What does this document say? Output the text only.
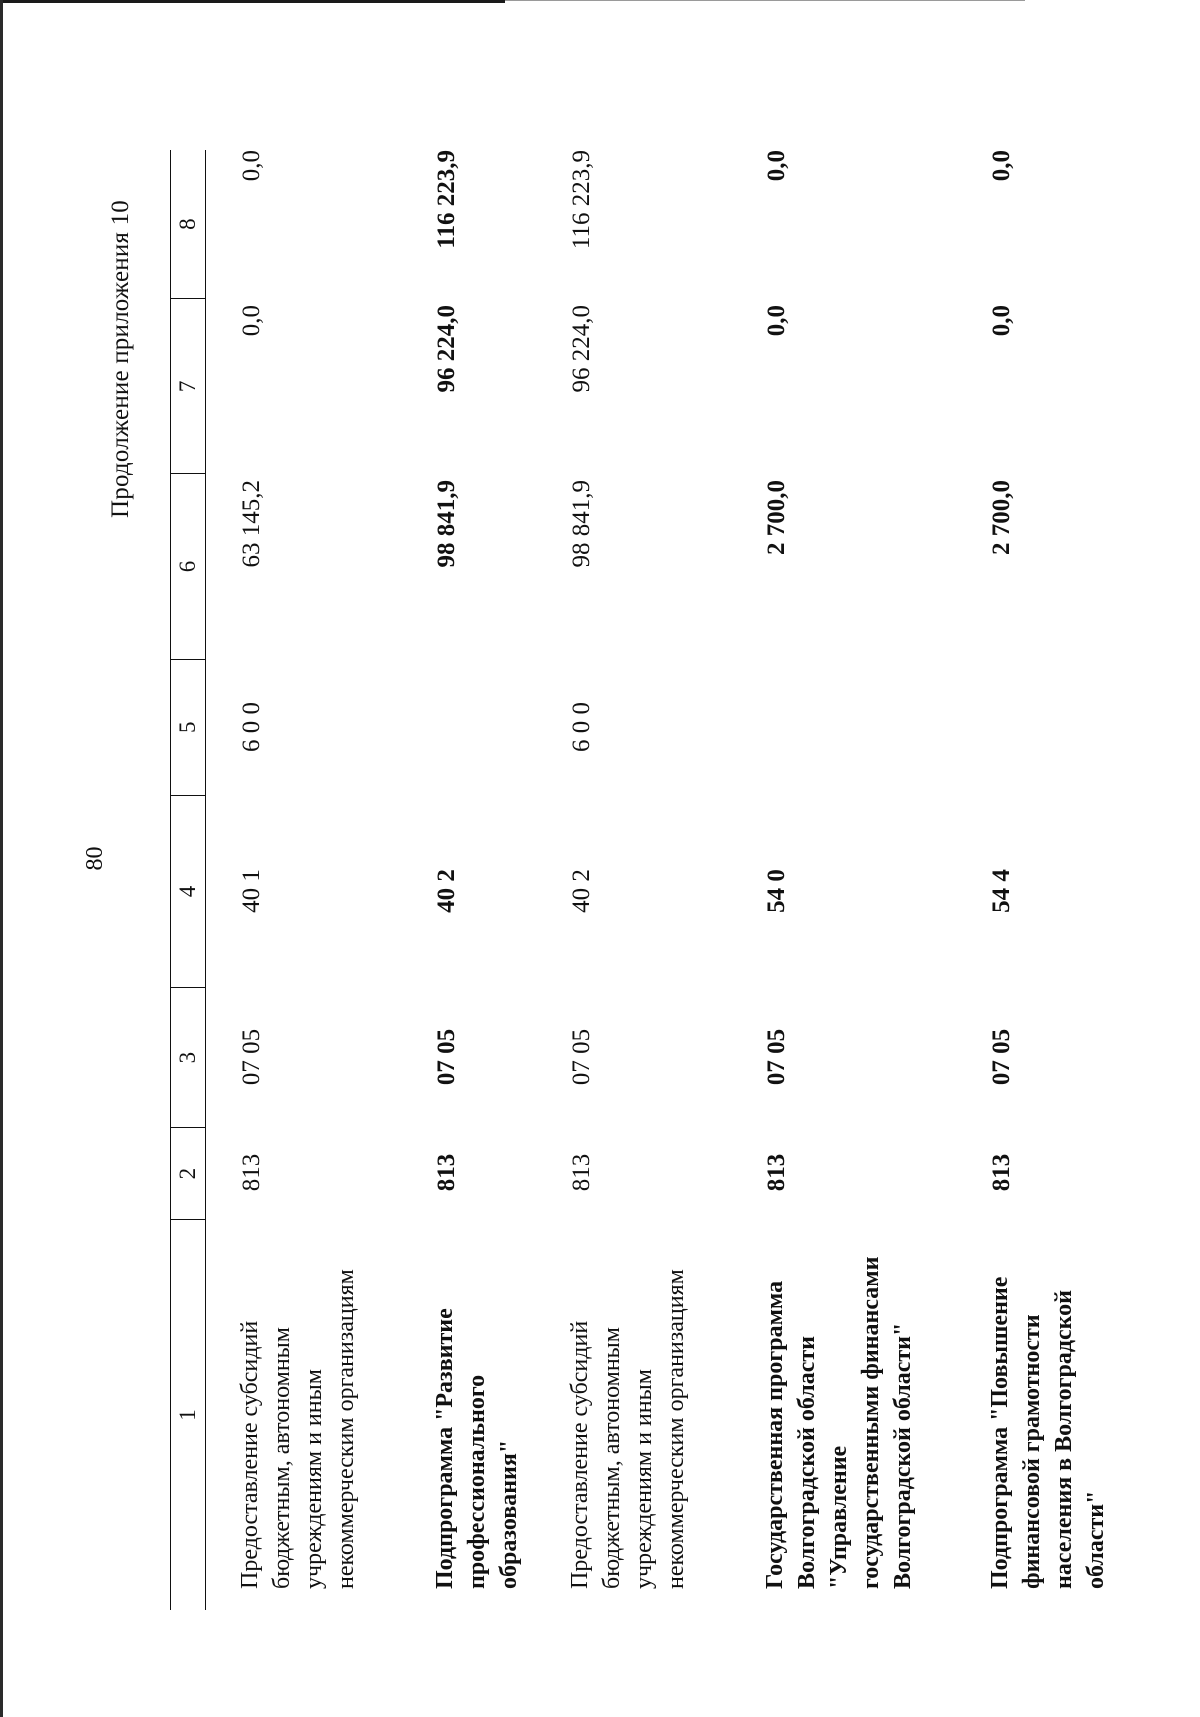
80
Продолжение приложения 10
1
2
3
4
5
6
7
8
Предоставление субсидий бюджетным, автономным учреждениям и иным некоммерческим организациям
813
07 05
40 1
6 0 0
63 145,2
0,0
0,0
Подпрограмма "Развитие профессионального образования"
813
07 05
40 2
98 841,9
96 224,0
116 223,9
Предоставление субсидий бюджетным, автономным учреждениям и иным некоммерческим организациям
813
07 05
40 2
6 0 0
98 841,9
96 224,0
116 223,9
Государственная программа Волгоградской области "Управление государственными финансами Волгоградской области"
813
07 05
54 0
2 700,0
0,0
0,0
Подпрограмма "Повышение финансовой грамотности населения в Волгоградской области"
813
07 05
54 4
2 700,0
0,0
0,0
